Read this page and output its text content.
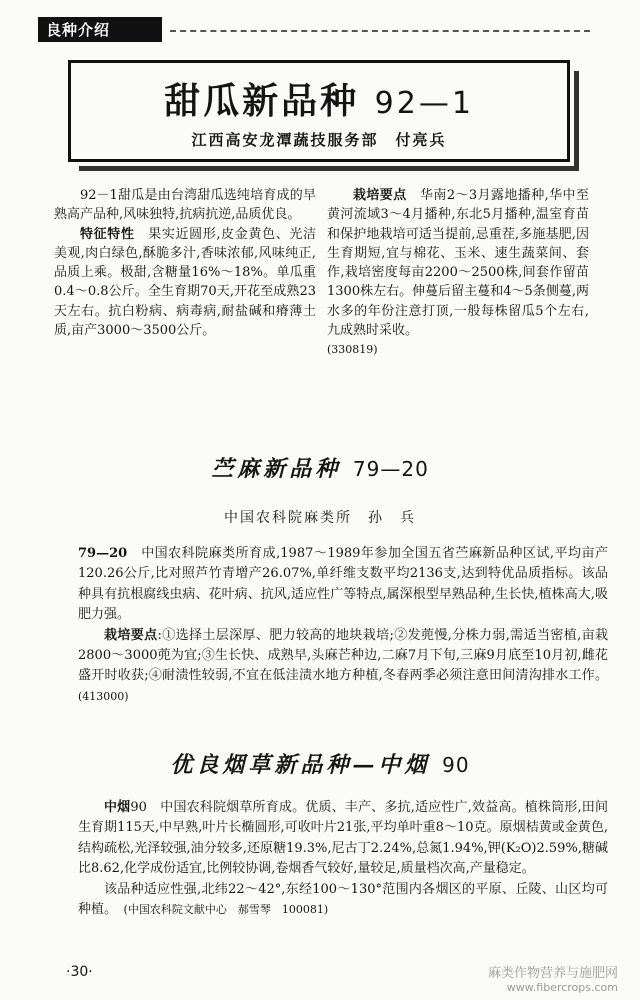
良种介绍
甜瓜新品种 92—1
江西高安龙潭蔬技服务部　付亮兵

92－1甜瓜是由台湾甜瓜选纯培育成的早熟高产品种,风味独特,抗病抗逆,品质优良。

特征特性　 果实近圆形,皮金黄色、光洁美观,肉白绿色,酥脆多汁,香味浓郁,风味纯正,品质上乘。极甜,含糖量16%～18%。单瓜重0.4～0.8公斤。全生育期70天,开花至成熟23天左右。抗白粉病、病毒病,耐盐碱和瘠薄土质,亩产3000～3500公斤。

栽培要点　 华南2～3月露地播种,华中至黄河流域3～4月播种,东北5月播种,温室育苗和保护地栽培可适当提前,忌重茬,多施基肥,因生育期短,宜与棉花、玉米、速生蔬菜间、套作,栽培密度每亩2200～2500株,间套作留苗1300株左右。伸蔓后留主蔓和4～5条侧蔓,两水多的年份注意打顶,一般每株留瓜5个左右,九成熟时采收。

(330819)

苎麻新品种 79—20
中国农科院麻类所　孙　兵

79—20　 中国农科院麻类所育成,1987～1989年参加全国五省苎麻新品种区试,平均亩产120.26公斤,比对照芦竹青增产26.07%,单纤维支数平均2136支,达到特优品质指标。该品种具有抗根腐线虫病、花叶病、抗风,适应性广等特点,属深根型早熟品种,生长快,植株高大,吸肥力强。

栽培要点:①选择土层深厚、肥力较高的地块栽培;②发蔸慢,分株力弱,需适当密植,亩栽2800～3000蔸为宜;③生长快、成熟早,头麻芒种边,二麻7月下旬,三麻9月底至10月初,雌花盛开时收获;④耐渍性较弱,不宜在低洼渍水地方种植,冬春两季必须注意田间清沟排水工作。(413000)

优良烟草新品种—中烟 90

中烟90　中国农科院烟草所育成。优质、丰产、多抗,适应性广,效益高。植株筒形,田间生育期115天,中早熟,叶片长椭圆形,可收叶片21张,平均单叶重8～10克。原烟桔黄或金黄色,结构疏松,光泽较强,油分较多,还原糖19.3%,尼古丁2.24%,总氮1.94%,钾(K₂O)2.59%,糖碱比8.62,化学成份适宜,比例较协调,卷烟香气较好,量较足,质量档次高,产量稳定。

该品种适应性强,北纬22～42°,东经100～130°范围内各烟区的平原、丘陵、山区均可种植。　 (中国农科院文献中心　郝雪琴　100081)

·30·	麻类作物营养与施肥网
www.fibercrops.com
